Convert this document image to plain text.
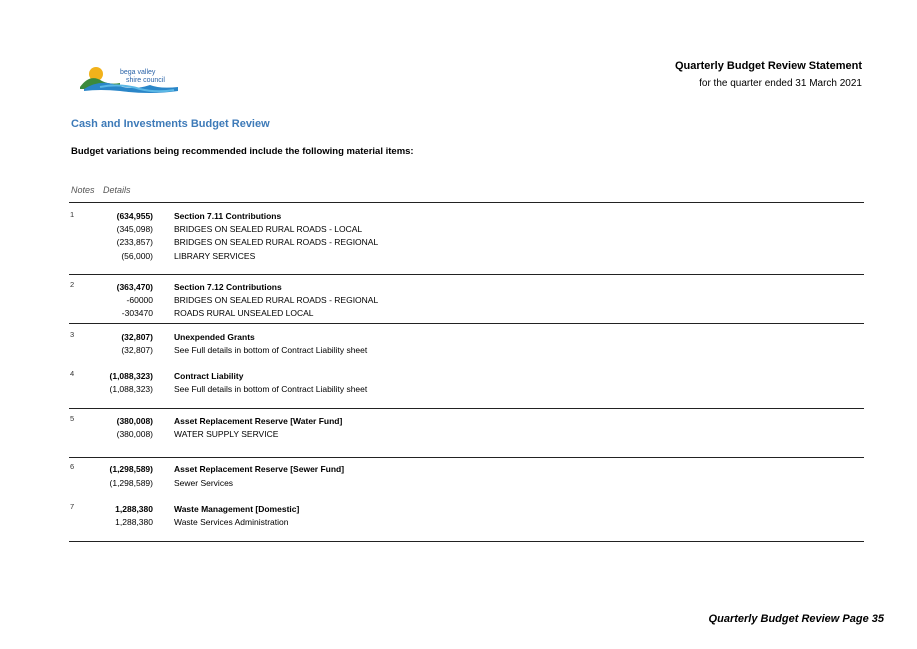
bega valley
shire council
Quarterly Budget Review Statement
for the quarter ended 31 March 2021
Cash and Investments Budget Review
Budget variations being recommended include the following material items:
Notes Details
1	(634,955) Section 7.11 Contributions
(345,098) BRIDGES ON SEALED RURAL ROADS - LOCAL
(233,857) BRIDGES ON SEALED RURAL ROADS - REGIONAL
(56,000) LIBRARY SERVICES
2	(363,470) Section 7.12 Contributions
-60000 BRIDGES ON SEALED RURAL ROADS - REGIONAL
-303470 ROADS RURAL UNSEALED LOCAL
3	(32,807) Unexpended Grants
(32,807) See Full details in bottom of Contract Liability sheet
4	(1,088,323) Contract Liability
(1,088,323) See Full details in bottom of Contract Liability sheet
5	(380,008) Asset Replacement Reserve [Water Fund]
(380,008) WATER SUPPLY SERVICE
6	(1,298,589) Asset Replacement Reserve [Sewer Fund]
(1,298,589) Sewer Services
7	1,288,380 Waste Management [Domestic]
1,288,380 Waste Services Administration
Quarterly Budget Review Page 35
